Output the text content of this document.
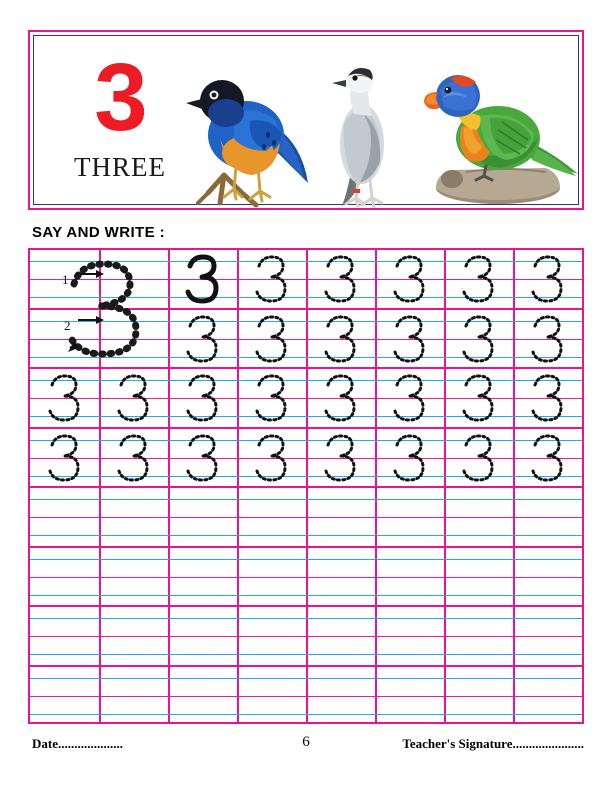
3
THREE
SAY AND WRITE :
1
2
Date....................	6	Teacher's Signature......................
